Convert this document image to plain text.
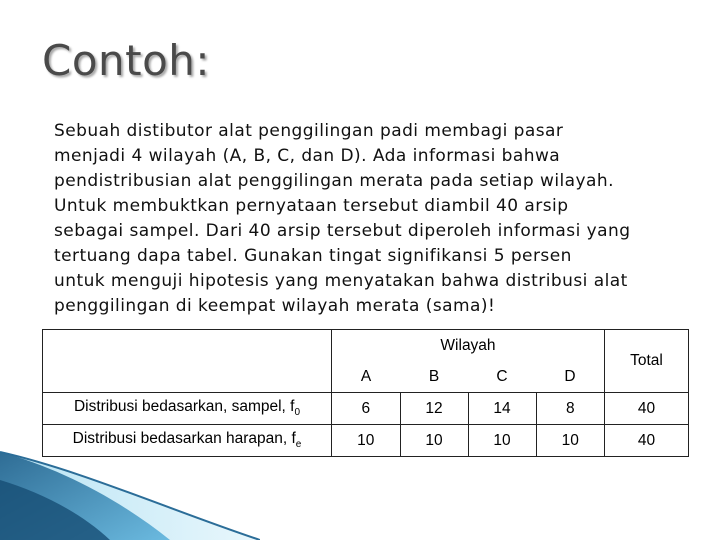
Contoh:
Sebuah distibutor alat penggilingan padi membagi pasar
menjadi 4 wilayah (A, B, C, dan D). Ada informasi bahwa
pendistribusian alat penggilingan merata pada setiap wilayah.
Untuk membuktkan pernyataan tersebut diambil 40 arsip
sebagai sampel. Dari 40 arsip tersebut diperoleh informasi yang
tertuang dapa tabel. Gunakan tingat signifikansi 5 persen
untuk menguji hipotesis yang menyatakan bahwa distribusi alat
penggilingan di keempat wilayah merata (sama)!
	Wilayah				Total
	A	B	C	D	
Distribusi bedasarkan, sampel, $f_0$	6	12	14	8	40
Distribusi bedasarkan harapan, $f_e$	10	10	10	10	40
